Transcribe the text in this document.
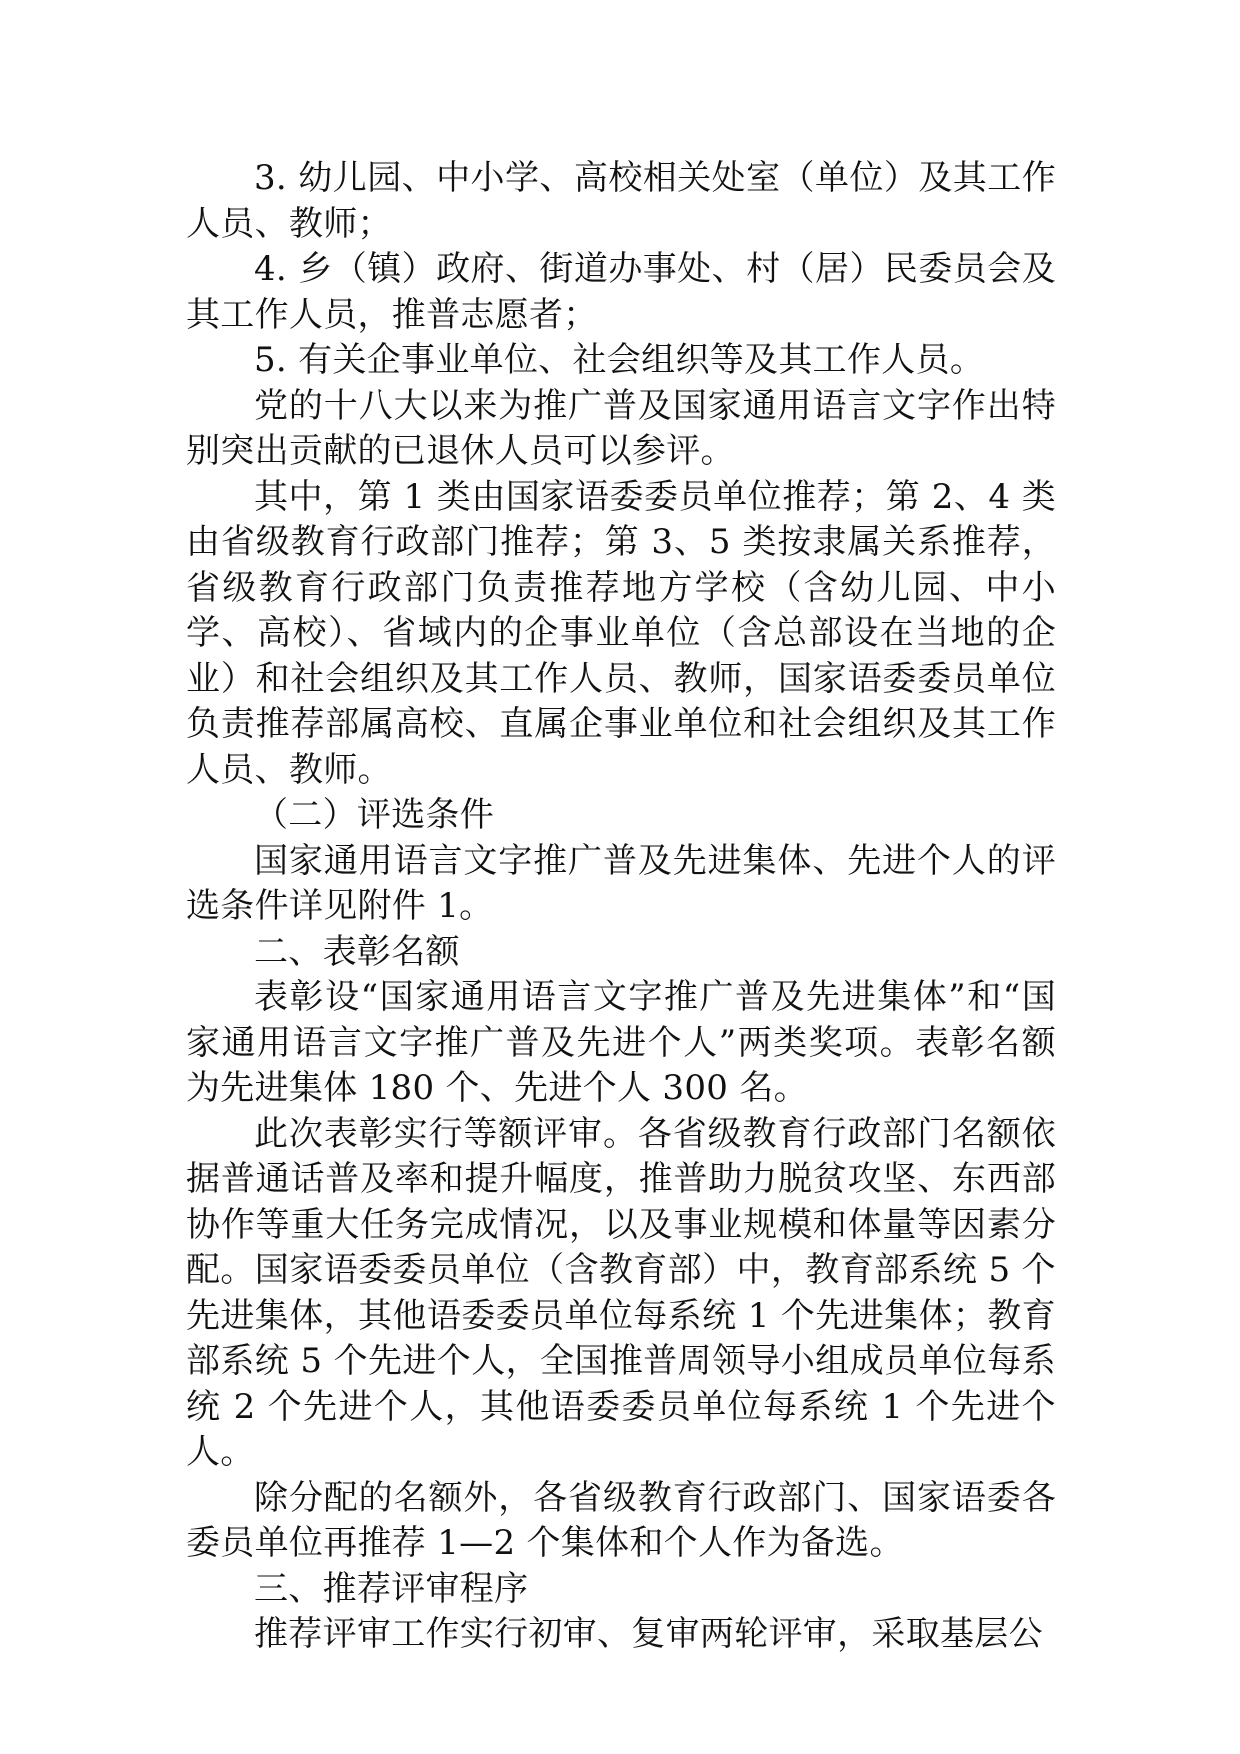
3. 幼儿园、中小学、高校相关处室（单位）及其工作人员、教师；

4. 乡（镇）政府、街道办事处、村（居）民委员会及其工作人员，推普志愿者；

5. 有关企事业单位、社会组织等及其工作人员。

党的十八大以来为推广普及国家通用语言文字作出特别突出贡献的已退休人员可以参评。

其中，第 1 类由国家语委委员单位推荐；第 2、4 类由省级教育行政部门推荐；第 3、5 类按隶属关系推荐，省级教育行政部门负责推荐地方学校（含幼儿园、中小学、高校）、省域内的企事业单位（含总部设在当地的企业）和社会组织及其工作人员、教师，国家语委委员单位负责推荐部属高校、直属企事业单位和社会组织及其工作人员、教师。

（二）评选条件

国家通用语言文字推广普及先进集体、先进个人的评选条件详见附件 1。

二、表彰名额

表彰设“国家通用语言文字推广普及先进集体”和“国家通用语言文字推广普及先进个人”两类奖项。表彰名额为先进集体 180 个、先进个人 300 名。

此次表彰实行等额评审。各省级教育行政部门名额依据普通话普及率和提升幅度，推普助力脱贫攻坚、东西部协作等重大任务完成情况，以及事业规模和体量等因素分配。国家语委委员单位（含教育部）中，教育部系统 5 个先进集体，其他语委委员单位每系统 1 个先进集体；教育部系统 5 个先进个人，全国推普周领导小组成员单位每系统 2 个先进个人，其他语委委员单位每系统 1 个先进个人。

除分配的名额外，各省级教育行政部门、国家语委各委员单位再推荐 1—2 个集体和个人作为备选。

三、推荐评审程序

推荐评审工作实行初审、复审两轮评审，采取基层公
